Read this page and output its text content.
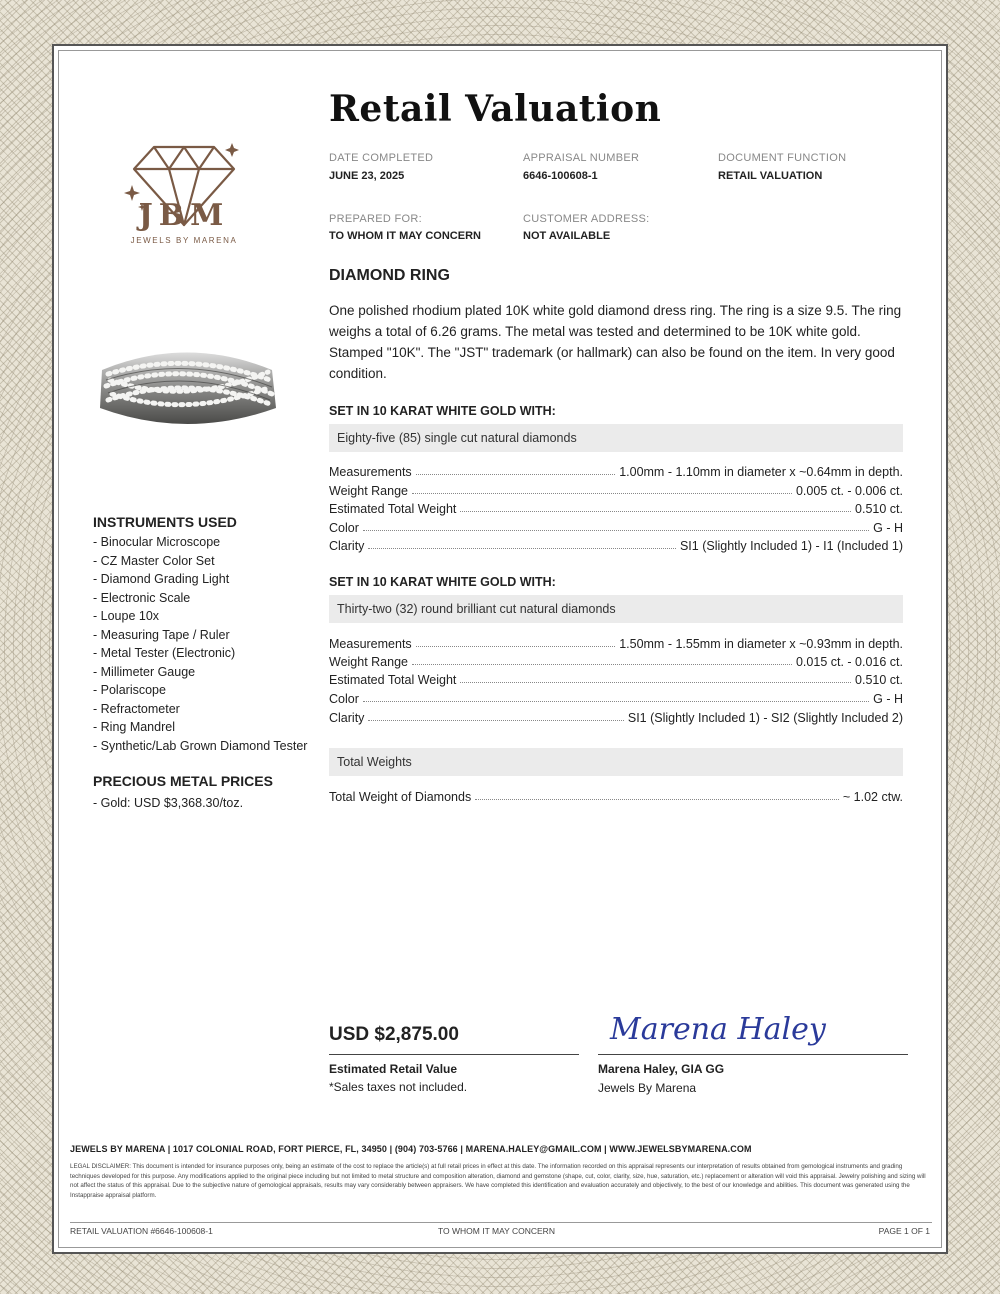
JBM
JEWELS BY MARENA
INSTRUMENTS USED
- Binocular Microscope
- CZ Master Color Set
- Diamond Grading Light
- Electronic Scale
- Loupe 10x
- Measuring Tape / Ruler
- Metal Tester (Electronic)
- Millimeter Gauge
- Polariscope
- Refractometer
- Ring Mandrel
- Synthetic/Lab Grown Diamond Tester
PRECIOUS METAL PRICES
- Gold: USD $3,368.30/toz.
Retail Valuation
DATE COMPLETED
JUNE 23, 2025
APPRAISAL NUMBER
6646-100608-1
DOCUMENT FUNCTION
RETAIL VALUATION
PREPARED FOR:
TO WHOM IT MAY CONCERN
CUSTOMER ADDRESS:
NOT AVAILABLE
DIAMOND RING
One polished rhodium plated 10K white gold diamond dress ring. The ring is a size 9.5. The ring weighs a total of 6.26 grams. The metal was tested and determined to be 10K white gold. Stamped "10K". The "JST" trademark (or hallmark) can also be found on the item. In very good condition.
SET IN 10 KARAT WHITE GOLD WITH:
Eighty-five (85) single cut natural diamonds
Measurements	1.00mm - 1.10mm in diameter x ~0.64mm in depth.
Weight Range	0.005 ct. - 0.006 ct.
Estimated Total Weight	0.510 ct.
Color	G - H
Clarity	SI1 (Slightly Included 1) - I1 (Included 1)
SET IN 10 KARAT WHITE GOLD WITH:
Thirty-two (32) round brilliant cut natural diamonds
Measurements	1.50mm - 1.55mm in diameter x ~0.93mm in depth.
Weight Range	0.015 ct. - 0.016 ct.
Estimated Total Weight	0.510 ct.
Color	G - H
Clarity	SI1 (Slightly Included 1) - SI2 (Slightly Included 2)
Total Weights
Total Weight of Diamonds	~ 1.02 ctw.
USD $2,875.00
Estimated Retail Value
*Sales taxes not included.
Marena Haley
Marena Haley, GIA GG
Jewels By Marena
JEWELS BY MARENA | 1017 COLONIAL ROAD, FORT PIERCE, FL, 34950 | (904) 703-5766 | MARENA.HALEY@GMAIL.COM | WWW.JEWELSBYMARENA.COM
LEGAL DISCLAIMER: This document is intended for insurance purposes only, being an estimate of the cost to replace the article(s) at full retail prices in effect at this date. The information recorded on this appraisal represents our interpretation of results obtained from gemological instruments and grading techniques developed for this purpose. Any modifications applied to the original piece including but not limited to metal structure and composition alteration, diamond and gemstone (shape, cut, color, clarity, size, hue, saturation, etc.) replacement or alteration will void this appraisal. Jewelry polishing and sizing will not affect the status of this appraisal. Due to the subjective nature of gemological appraisals, results may vary considerably between appraisers. We have completed this identification and evaluation accurately and objectively, to the best of our knowledge and abilities. This document was generated using the Instappraise appraisal platform.
RETAIL VALUATION #6646-100608-1	TO WHOM IT MAY CONCERN	PAGE 1 OF 1
